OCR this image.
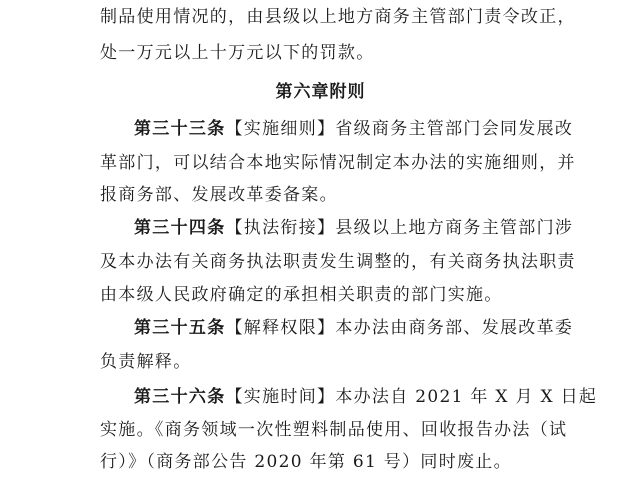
制品使用情况的，由县级以上地方商务主管部门责令改正，
处一万元以上十万元以下的罚款。
第六章附则
第三十三条【实施细则】省级商务主管部门会同发展改
革部门，可以结合本地实际情况制定本办法的实施细则，并
报商务部、发展改革委备案。
第三十四条【执法衔接】县级以上地方商务主管部门涉
及本办法有关商务执法职责发生调整的，有关商务执法职责
由本级人民政府确定的承担相关职责的部门实施。
第三十五条【解释权限】本办法由商务部、发展改革委
负责解释。
第三十六条【实施时间】本办法自 2021 年 X 月 X 日起
实施。《商务领域一次性塑料制品使用、回收报告办法（试
行）》（商务部公告 2020 年第 61 号）同时废止。
